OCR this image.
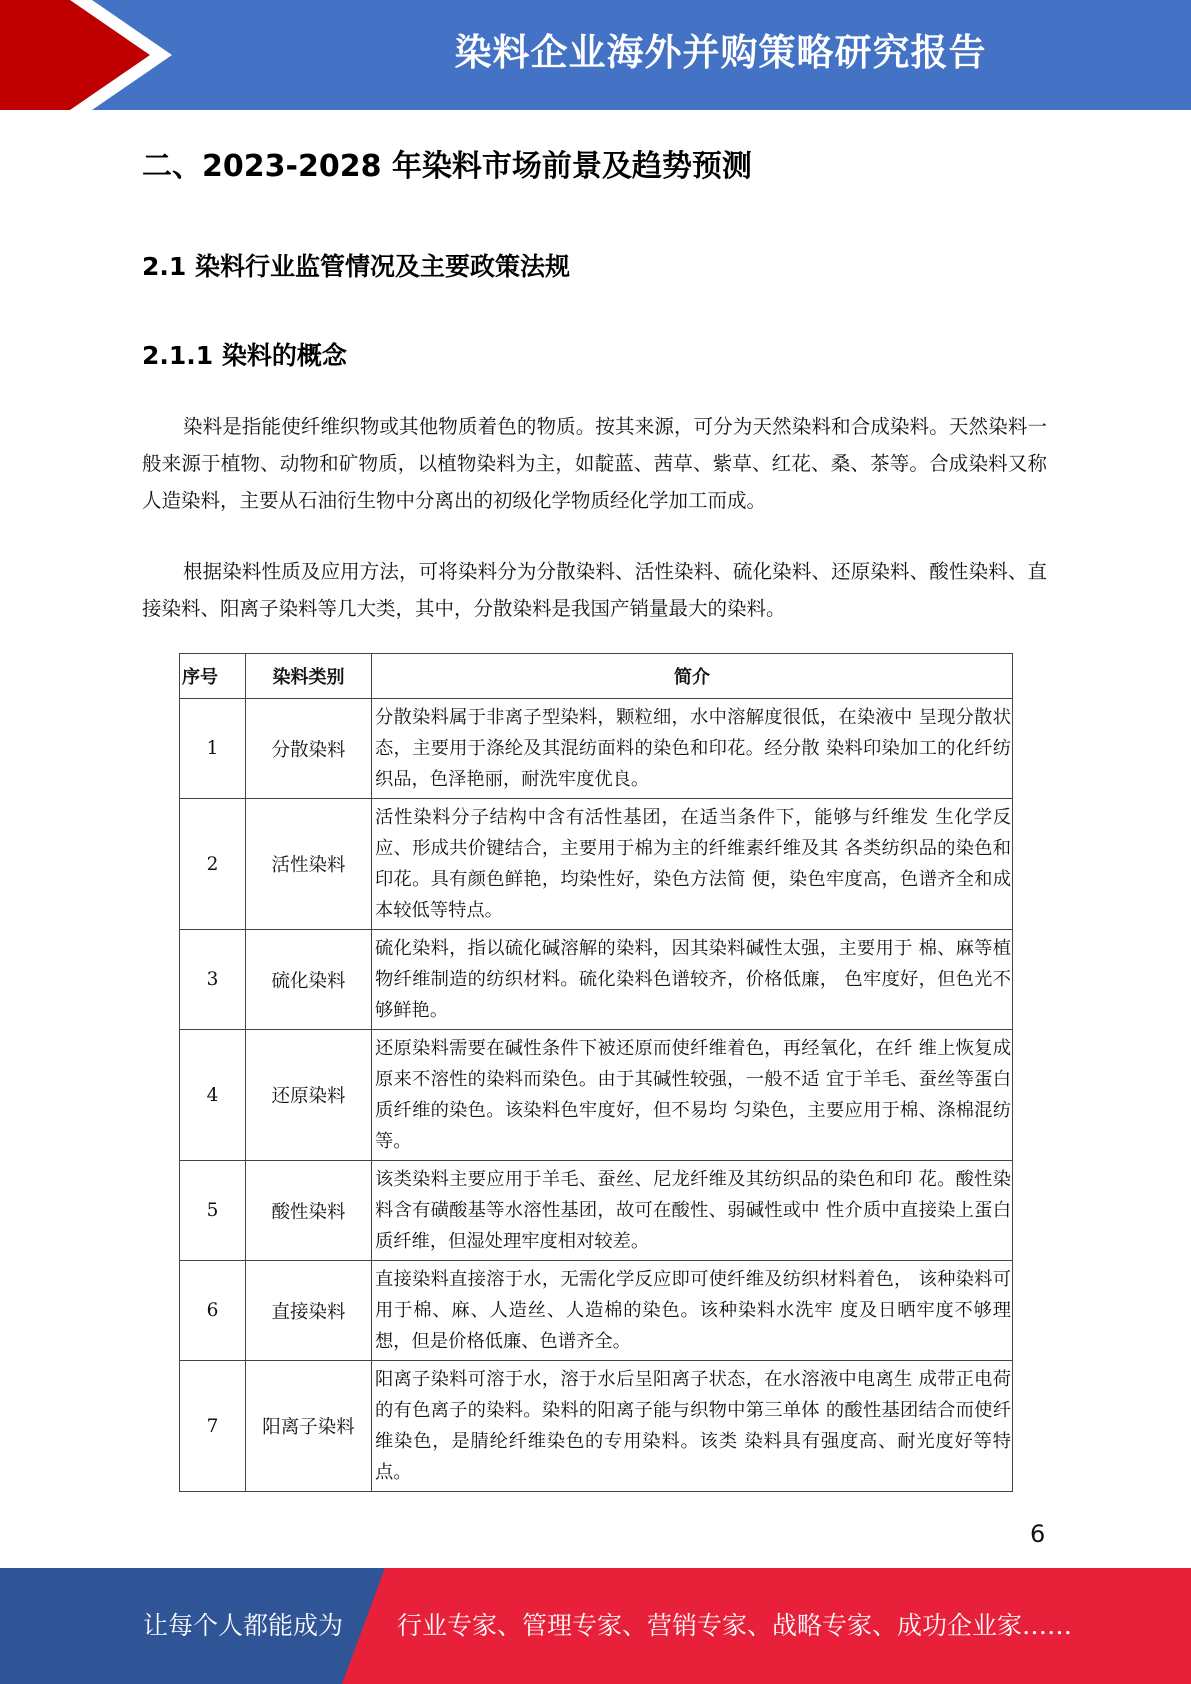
染料企业海外并购策略研究报告
二、2023-2028 年染料市场前景及趋势预测
2.1 染料行业监管情况及主要政策法规
2.1.1 染料的概念

染料是指能使纤维织物或其他物质着色的物质。按其来源，可分为天然染料和合成染料。天然染料一般来源于植物、动物和矿物质，以植物染料为主，如靛蓝、茜草、紫草、红花、桑、茶等。合成染料又称人造染料，主要从石油衍生物中分离出的初级化学物质经化学加工而成。

根据染料性质及应用方法，可将染料分为分散染料、活性染料、硫化染料、还原染料、酸性染料、直接染料、阳离子染料等几大类，其中，分散染料是我国产销量最大的染料。

序号	染料类别	简介
1	分散染料	分散染料属于非离子型染料，颗粒细，水中溶解度很低，在染液中 呈现分散状态，主要用于涤纶及其混纺面料的染色和印花。经分散 染料印染加工的化纤纺织品，色泽艳丽，耐洗牢度优良。
2	活性染料	活性染料分子结构中含有活性基团，在适当条件下，能够与纤维发 生化学反应、形成共价键结合，主要用于棉为主的纤维素纤维及其 各类纺织品的染色和印花。具有颜色鲜艳，均染性好，染色方法简 便，染色牢度高，色谱齐全和成本较低等特点。
3	硫化染料	硫化染料，指以硫化碱溶解的染料，因其染料碱性太强，主要用于 棉、麻等植物纤维制造的纺织材料。硫化染料色谱较齐，价格低廉， 色牢度好，但色光不够鲜艳。
4	还原染料	还原染料需要在碱性条件下被还原而使纤维着色，再经氧化，在纤 维上恢复成原来不溶性的染料而染色。由于其碱性较强，一般不适 宜于羊毛、蚕丝等蛋白质纤维的染色。该染料色牢度好，但不易均 匀染色，主要应用于棉、涤棉混纺等。
5	酸性染料	该类染料主要应用于羊毛、蚕丝、尼龙纤维及其纺织品的染色和印 花。酸性染料含有磺酸基等水溶性基团，故可在酸性、弱碱性或中 性介质中直接染上蛋白质纤维，但湿处理牢度相对较差。
6	直接染料	直接染料直接溶于水，无需化学反应即可使纤维及纺织材料着色， 该种染料可用于棉、麻、人造丝、人造棉的染色。该种染料水洗牢 度及日晒牢度不够理想，但是价格低廉、色谱齐全。
7	阳离子染料	阳离子染料可溶于水，溶于水后呈阳离子状态，在水溶液中电离生 成带正电荷的有色离子的染料。染料的阳离子能与织物中第三单体 的酸性基团结合而使纤维染色，是腈纶纤维染色的专用染料。该类 染料具有强度高、耐光度好等特点。
6
让每个人都能成为 行业专家、管理专家、营销专家、战略专家、成功企业家……
